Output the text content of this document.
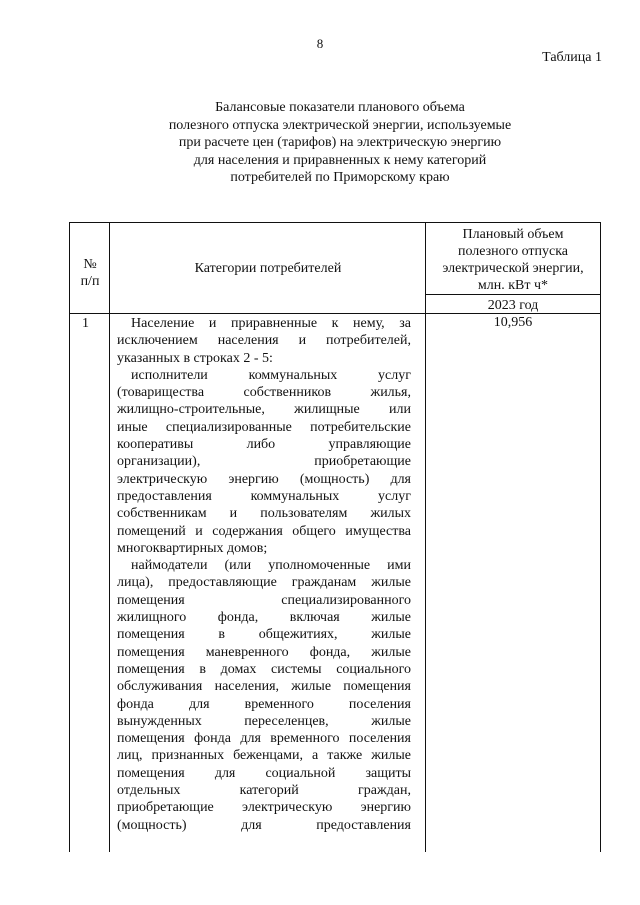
8
Таблица 1
Балансовые показатели планового объема
полезного отпуска электрической энергии, используемые
при расчете цен (тарифов) на электрическую энергию
для населения и приравненных к нему категорий
потребителей по Приморскому краю
№
п/п
Категории потребителей
Плановый объем
полезного отпуска
электрической энергии,
млн. кВт ч*
2023 год
1	10,956
Население и приравненные к нему, за
исключением населения и потребителей,
указанных в строках 2 - 5:
исполнители коммунальных услуг
(товарищества собственников жилья,
жилищно-строительные, жилищные или
иные специализированные потребительские
кооперативы либо управляющие
организации), приобретающие
электрическую энергию (мощность) для
предоставления коммунальных услуг
собственникам и пользователям жилых
помещений и содержания общего имущества
многоквартирных домов;
наймодатели (или уполномоченные ими
лица), предоставляющие гражданам жилые
помещения специализированного
жилищного фонда, включая жилые
помещения в общежитиях, жилые
помещения маневренного фонда, жилые
помещения в домах системы социального
обслуживания населения, жилые помещения
фонда для временного поселения
вынужденных переселенцев, жилые
помещения фонда для временного поселения
лиц, признанных беженцами, а также жилые
помещения для социальной защиты
отдельных категорий граждан,
приобретающие электрическую энергию
(мощность) для предоставления
